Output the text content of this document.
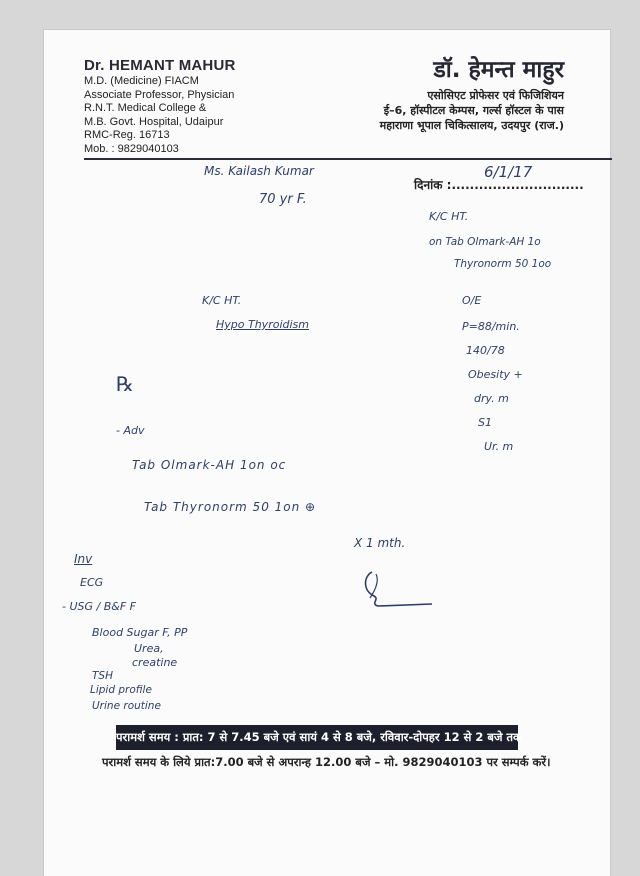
Dr. HEMANT MAHUR
M.D. (Medicine) FIACM
Associate Professor, Physician
R.N.T. Medical College &
M.B. Govt. Hospital, Udaipur
RMC-Reg. 16713
Mob. : 9829040103
डॉ. हेमन्त माहुर
एसोसिएट प्रोफेसर एवं फिजिशियन
ई–6, हॉस्पीटल केम्पस, गर्ल्स हॉस्टल के पास
महाराणा भूपाल चिकित्सालय, उदयपुर (राज.)
दिनांक :.............................
6/1/17
Ms. Kailash Kumar
70 yr F.
K/C HT.
on Tab Olmark-AH 1o
Thyronorm 50 1oo
K/C HT.
Hypo Thyroidism
O/E
P=88/min.
140/78
Obesity +
dry. m
S1
Ur. m
℞
- Adv
Tab Olmark-AH 1on oc
Tab Thyronorm 50 1on ⊕
X 1 mth.
Inv
ECG
- USG / B&F F
Blood Sugar F, PP
Urea,
creatine
TSH
Lipid profile
Urine routine
परामर्श समय : प्रात: 7 से 7.45 बजे एवं सायं 4 से 8 बजे, रविवार-दोपहर 12 से 2 बजे तक
परामर्श समय के लिये प्रात:7.00 बजे से अपरान्ह 12.00 बजे – मो. 9829040103 पर सम्पर्क करें।
